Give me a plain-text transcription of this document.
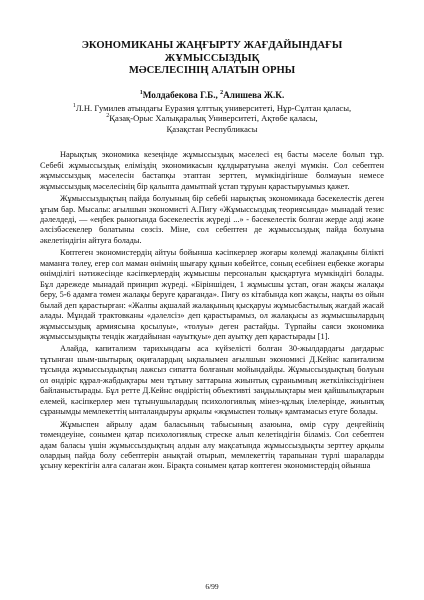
ЭКОНОМИКАНЫ ЖАҢҒЫРТУ ЖАҒДАЙЫНДАҒЫ ЖҰМЫССЫЗДЫҚ
МӘСЕЛЕСІНІҢ АЛАТЫН ОРНЫ
$^1$Молдабекова Г.Б., $^2$Алишева Ж.К.
$^1$Л.Н. Гумилев атындағы Еуразия ұлттық университеті, Нұр-Сұлтан қаласы,
$^2$Қазақ-Орыс Халықаралық Университеті, Ақтөбе қаласы,
Қазақстан Республикасы

Нарықтық экономика кезеңінде жұмыссыздық мәселесі ең басты мәселе болып тұр. Себебі жұмыссыздық еліміздің экономикасын құлдыратуына әкелуі мүмкін. Сол себептен жұмыссыздық мәселесін бастапқы этаптан зерттеп, мүмкіндігінше болмауын немесе жұмыссыздық мәселесінің бір қалыпта дамытпай ұстап тұруын қарастыруымыз қажет.

Жұмыссыздықтың пайда болуының бір себебі нарықтық экономикада бәсекелестік деген ұғым бар. Мысалы: ағылшын экономисті А.Пигу «Жұмыссыздық теориясында» мынадай тезис дәлелдеді, — «еңбек рыногында бәсекелестік жүреді ...» - бәсекелестік болған жерде әлді және әлсізбәсекелер болатыны сөзсіз. Міне, сол себептен де жұмыссыздық пайда болуына әкелетіндігін айтуға болады.

Көптеген экономистердің айтуы бойынша кәсіпкерлер жоғары көлемді жалақыны білікті маманға төлеу, егер сол маман өнімнің шығару құнын көбейтсе, соның есебінен еңбекке жоғары өнімділігі нәтижесінде кәсіпкерлердің жұмысшы персоналын қысқартуға мүмкіндігі болады. Бұл дәрежеде мынадай принцип жүреді. «Біріншіден, 1 жұмысшы ұстап, оған жақсы жалақы беру, 5-6 адамға төмен жалақы беруге қарағанда». Пигу өз кітабында көп жақсы, нақты өз ойын былай деп қарастырған: «Жалпы ақшалай жалақының қысқаруы жұмысбастылық жағдай жасай алады. Мұндай трактовканы «дәлелсіз» деп қарастырамыз, ол жалақысы аз жұмысшылардың жұмыссыздық армиясына қосылуы», «толуы» деген растайды. Түрпайы саяси экономика жұмыссыздықты тендік жағдайынан «ауытқуы» деп ауытқу деп қарастырады [1].

Алайда, капитализм тарихындағы аса күйзелісті болған 30-жылдардағы дағдарыс тұтынған шым-шытырық оқиғалардың ықпалымен ағылшын экономисі Д.Кейнс капитализм тұсында жұмыссыздықтың лажсыз сипатта болғанын мойындайды. Жұмыссыздықтың болуын ол өндіріс құрал-жабдықтары мен тұтыну заттарына жиынтық сұранымның жеткіліксіздігінен байланыстырады. Бұл ретте Д.Кейнс өндірістің объективті заңдылықтары мен қайшылықтарын елемей, кәсіпкерлер мен тұтынушылардың психологиялық мінез-құлық ілелерінде, жиынтық сұранымды мемлекеттің ынталандыруы арқылы «жұмыспен толық» қамтамасыз етуге болады.

Жұмыспен айрылу адам баласының табысының азаюына, өмір сүру деңгейінің төмендеуіне, сонымен қатар психологиялық стреске алып келетіндігін біламіз. Сол себептен адам баласы үшін жұмыссыздықтың алдын алу мақсатында жұмыссыздықты зерттеу арқылы олардың пайда болу себептерін анықтай отырып, мемлекеттің тарапынан түрлі шараларды ұсыну керектігін алға салаған жөн. Бірақта сонымен қатар көптеген экономистердің ойынша

6/99
